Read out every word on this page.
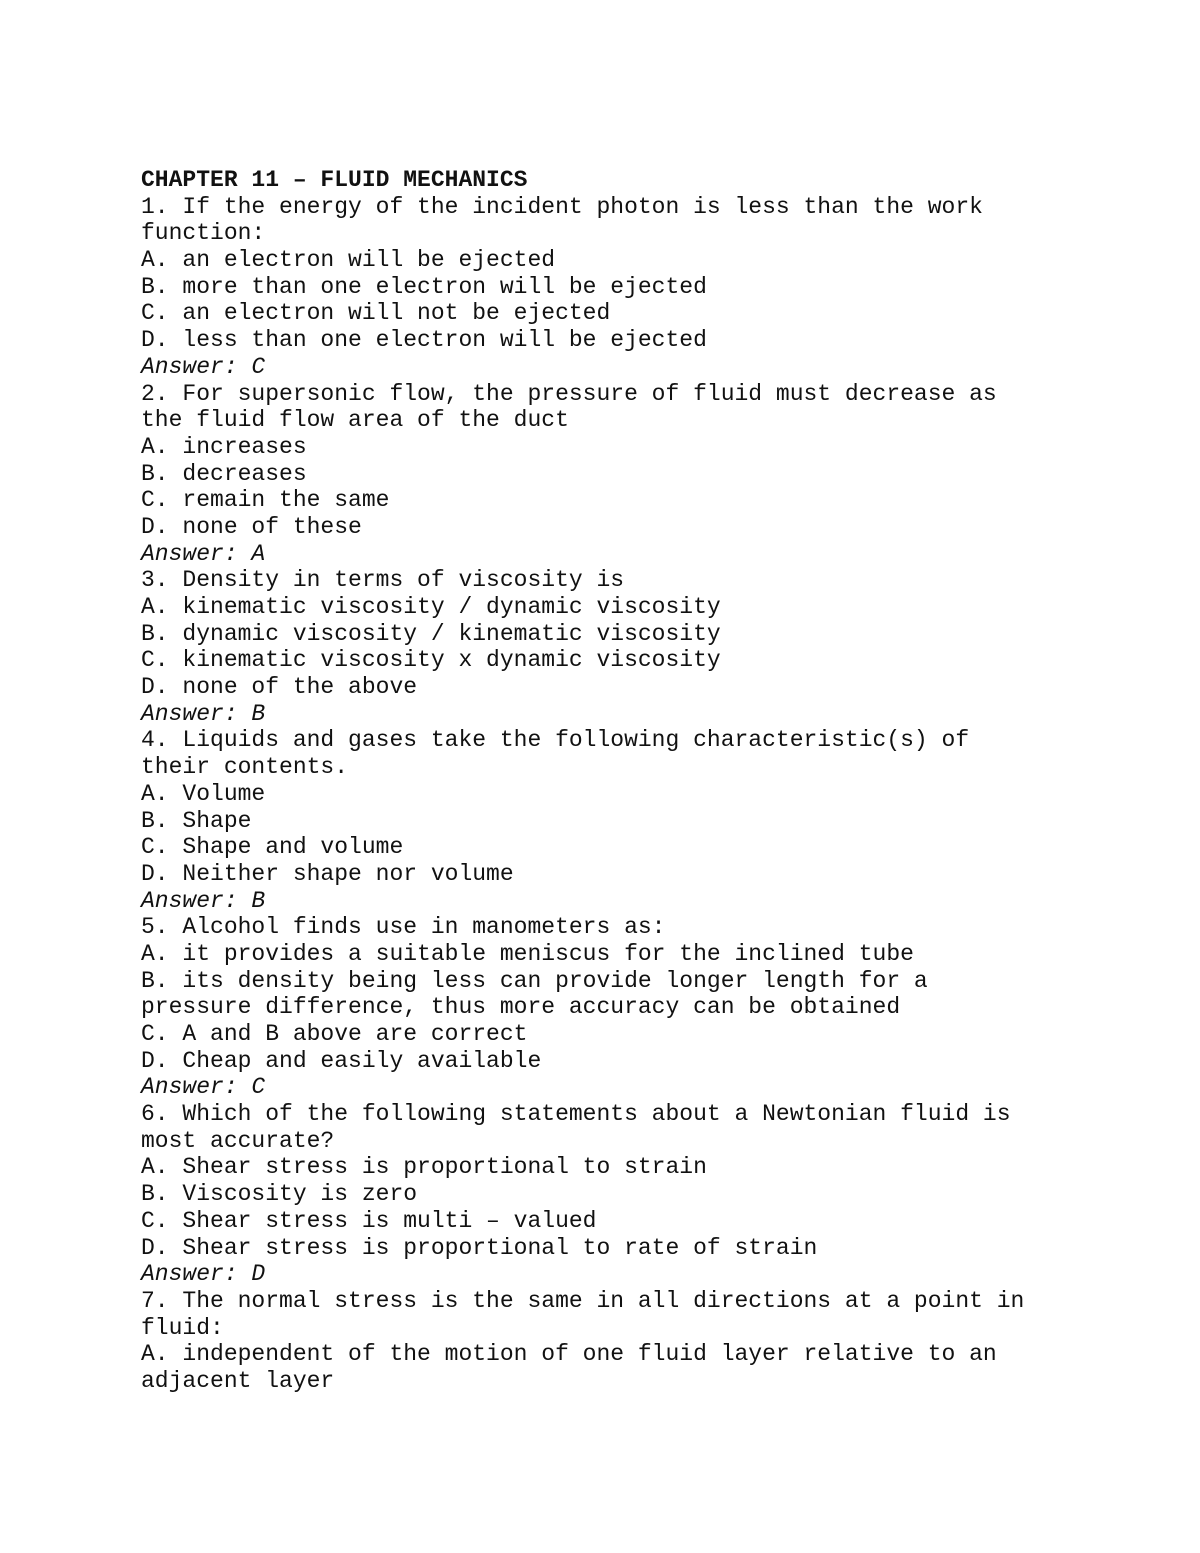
CHAPTER 11 – FLUID MECHANICS
1. If the energy of the incident photon is less than the work
function:
A. an electron will be ejected
B. more than one electron will be ejected
C. an electron will not be ejected
D. less than one electron will be ejected
Answer: C
2. For supersonic flow, the pressure of fluid must decrease as
the fluid flow area of the duct
A. increases
B. decreases
C. remain the same
D. none of these
Answer: A
3. Density in terms of viscosity is
A. kinematic viscosity / dynamic viscosity
B. dynamic viscosity / kinematic viscosity
C. kinematic viscosity x dynamic viscosity
D. none of the above
Answer: B
4. Liquids and gases take the following characteristic(s) of
their contents.
A. Volume
B. Shape
C. Shape and volume
D. Neither shape nor volume
Answer: B
5. Alcohol finds use in manometers as:
A. it provides a suitable meniscus for the inclined tube
B. its density being less can provide longer length for a
pressure difference, thus more accuracy can be obtained
C. A and B above are correct
D. Cheap and easily available
Answer: C
6. Which of the following statements about a Newtonian fluid is
most accurate?
A. Shear stress is proportional to strain
B. Viscosity is zero
C. Shear stress is multi – valued
D. Shear stress is proportional to rate of strain
Answer: D
7. The normal stress is the same in all directions at a point in
fluid:
A. independent of the motion of one fluid layer relative to an
adjacent layer
